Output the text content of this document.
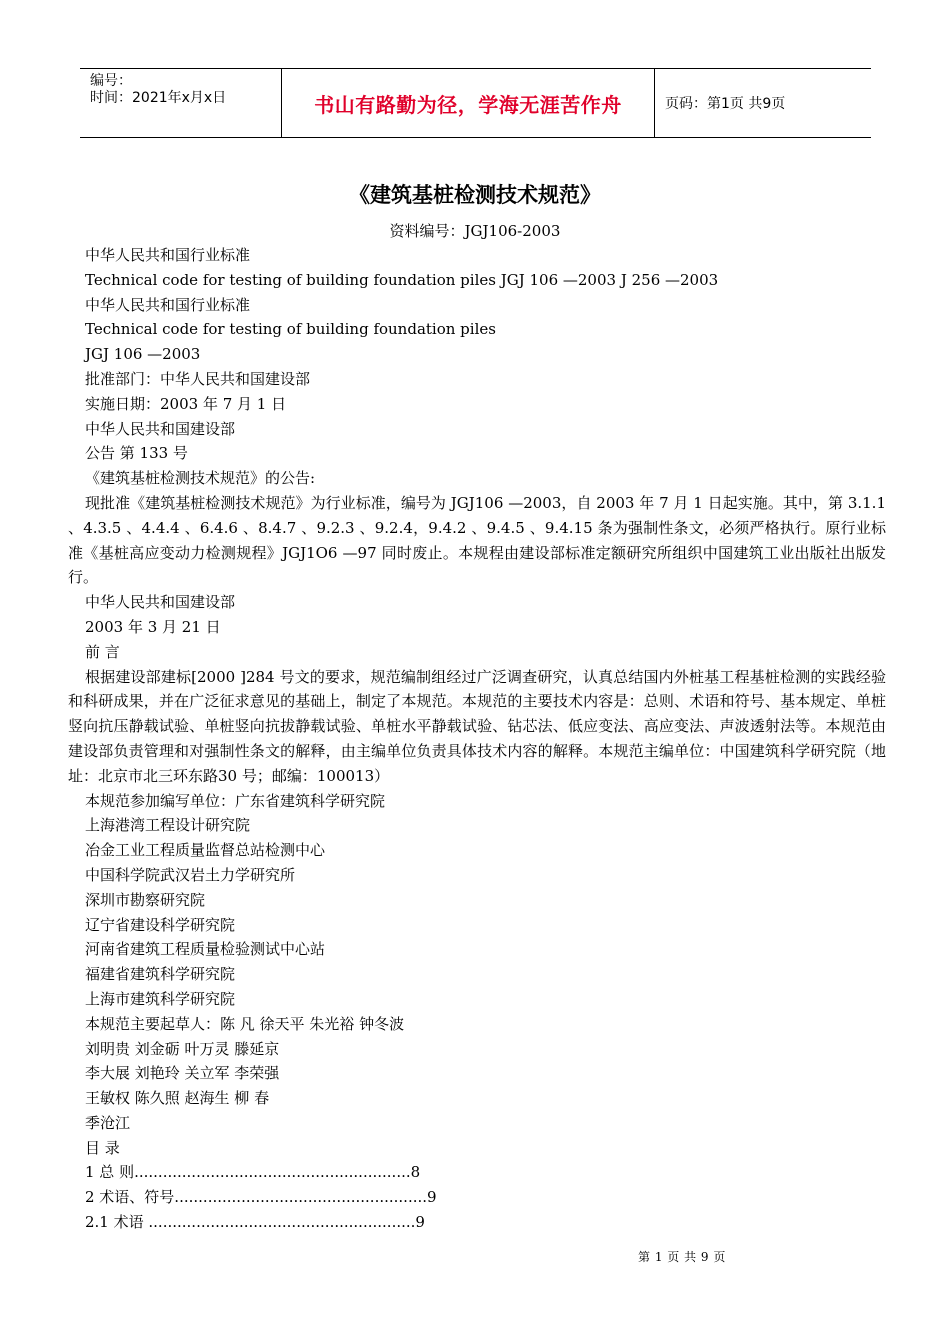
编号：
时间：2021年x月x日	书山有路勤为径，学海无涯苦作舟	页码：第1页 共9页
《建筑基桩检测技术规范》
资料编号：JGJ106-2003
中华人民共和国行业标准
Technical code for testing of building foundation piles JGJ 106 —2003 J 256 —2003
中华人民共和国行业标准
Technical code for testing of building foundation piles
JGJ 106 —2003
批准部门：中华人民共和国建设部
实施日期：2003 年 7 月 1 日
中华人民共和国建设部
公告 第 133 号
《建筑基桩检测技术规范》的公告:
现批准《建筑基桩检测技术规范》为行业标准，编号为 JGJ106 —2003，自 2003 年 7 月 1 日起实施。其中，第 3.1.1 、4.3.5 、4.4.4 、6.4.6 、8.4.7 、9.2.3 、9.2.4，9.4.2 、9.4.5 、9.4.15 条为强制性条文，必须严格执行。原行业标准《基桩高应变动力检测规程》JGJ1O6 —97 同时废止。本规程由建设部标准定额研究所组织中国建筑工业出版社出版发行。
中华人民共和国建设部
2003 年 3 月 21 日
前 言
根据建设部建标[2000 ]284 号文的要求，规范编制组经过广泛调查研究，认真总结国内外桩基工程基桩检测的实践经验和科研成果，并在广泛征求意见的基础上，制定了本规范。本规范的主要技术内容是：总则、术语和符号、基本规定、单桩竖向抗压静载试验、单桩竖向抗拔静载试验、单桩水平静载试验、钻芯法、低应变法、高应变法、声波透射法等。本规范由建设部负责管理和对强制性条文的解释，由主编单位负责具体技术内容的解释。本规范主编单位：中国建筑科学研究院（地址：北京市北三环东路30 号；邮编：100013）
本规范参加编写单位：广东省建筑科学研究院
上海港湾工程设计研究院
冶金工业工程质量监督总站检测中心
中国科学院武汉岩土力学研究所
深圳市勘察研究院
辽宁省建设科学研究院
河南省建筑工程质量检验测试中心站
福建省建筑科学研究院
上海市建筑科学研究院
本规范主要起草人：陈 凡 徐天平 朱光裕 钟冬波
刘明贵 刘金砺 叶万灵 滕延京
李大展 刘艳玲 关立军 李荣强
王敏权 陈久照 赵海生 柳 春
季沧江
目 录
1 总 则..........................................................8
2 术语、符号.....................................................9
2.1 术语 ........................................................9
第 1 页 共 9 页
